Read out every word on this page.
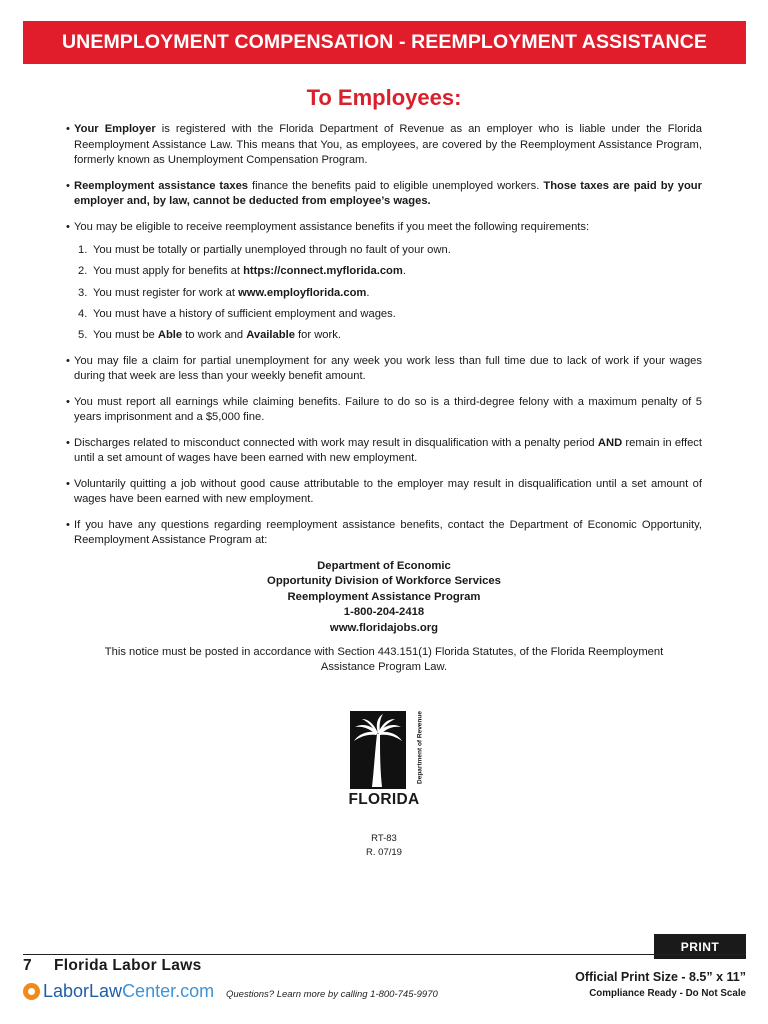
UNEMPLOYMENT COMPENSATION - REEMPLOYMENT ASSISTANCE
To Employees:

• Your Employer is registered with the Florida Department of Revenue as an employer who is liable under the Florida Reemployment Assistance Law. This means that You, as employees, are covered by the Reemployment Assistance Program, formerly known as Unemployment Compensation Program.

• Reemployment assistance taxes finance the benefits paid to eligible unemployed workers. Those taxes are paid by your employer and, by law, cannot be deducted from employee’s wages.

• You may be eligible to receive reemployment assistance benefits if you meet the following requirements:

1. You must be totally or partially unemployed through no fault of your own.
2. You must apply for benefits at https://connect.myflorida.com.
3. You must register for work at www.employflorida.com.
4. You must have a history of sufficient employment and wages.
5. You must be Able to work and Available for work.

• You may file a claim for partial unemployment for any week you work less than full time due to lack of work if your wages during that week are less than your weekly benefit amount.

• You must report all earnings while claiming benefits. Failure to do so is a third-degree felony with a maximum penalty of 5 years imprisonment and a $5,000 fine.

• Discharges related to misconduct connected with work may result in disqualification with a penalty period AND remain in effect until a set amount of wages have been earned with new employment.

• Voluntarily quitting a job without good cause attributable to the employer may result in disqualification until a set amount of wages have been earned with new employment.

• If you have any questions regarding reemployment assistance benefits, contact the Department of Economic Opportunity, Reemployment Assistance Program at:

Department of Economic
Opportunity Division of Workforce Services
Reemployment Assistance Program
1-800-204-2418
www.floridajobs.org
This notice must be posted in accordance with Section 443.151(1) Florida Statutes, of the Florida Reemployment Assistance Program Law.
Department of Revenue
FLORIDA
RT-83
R. 07/19
PRINT
7 Florida Labor Laws
LaborLaw Center.com Questions? Learn more by calling 1-800-745-9970
Official Print Size - 8.5” x 11”
Compliance Ready - Do Not Scale
